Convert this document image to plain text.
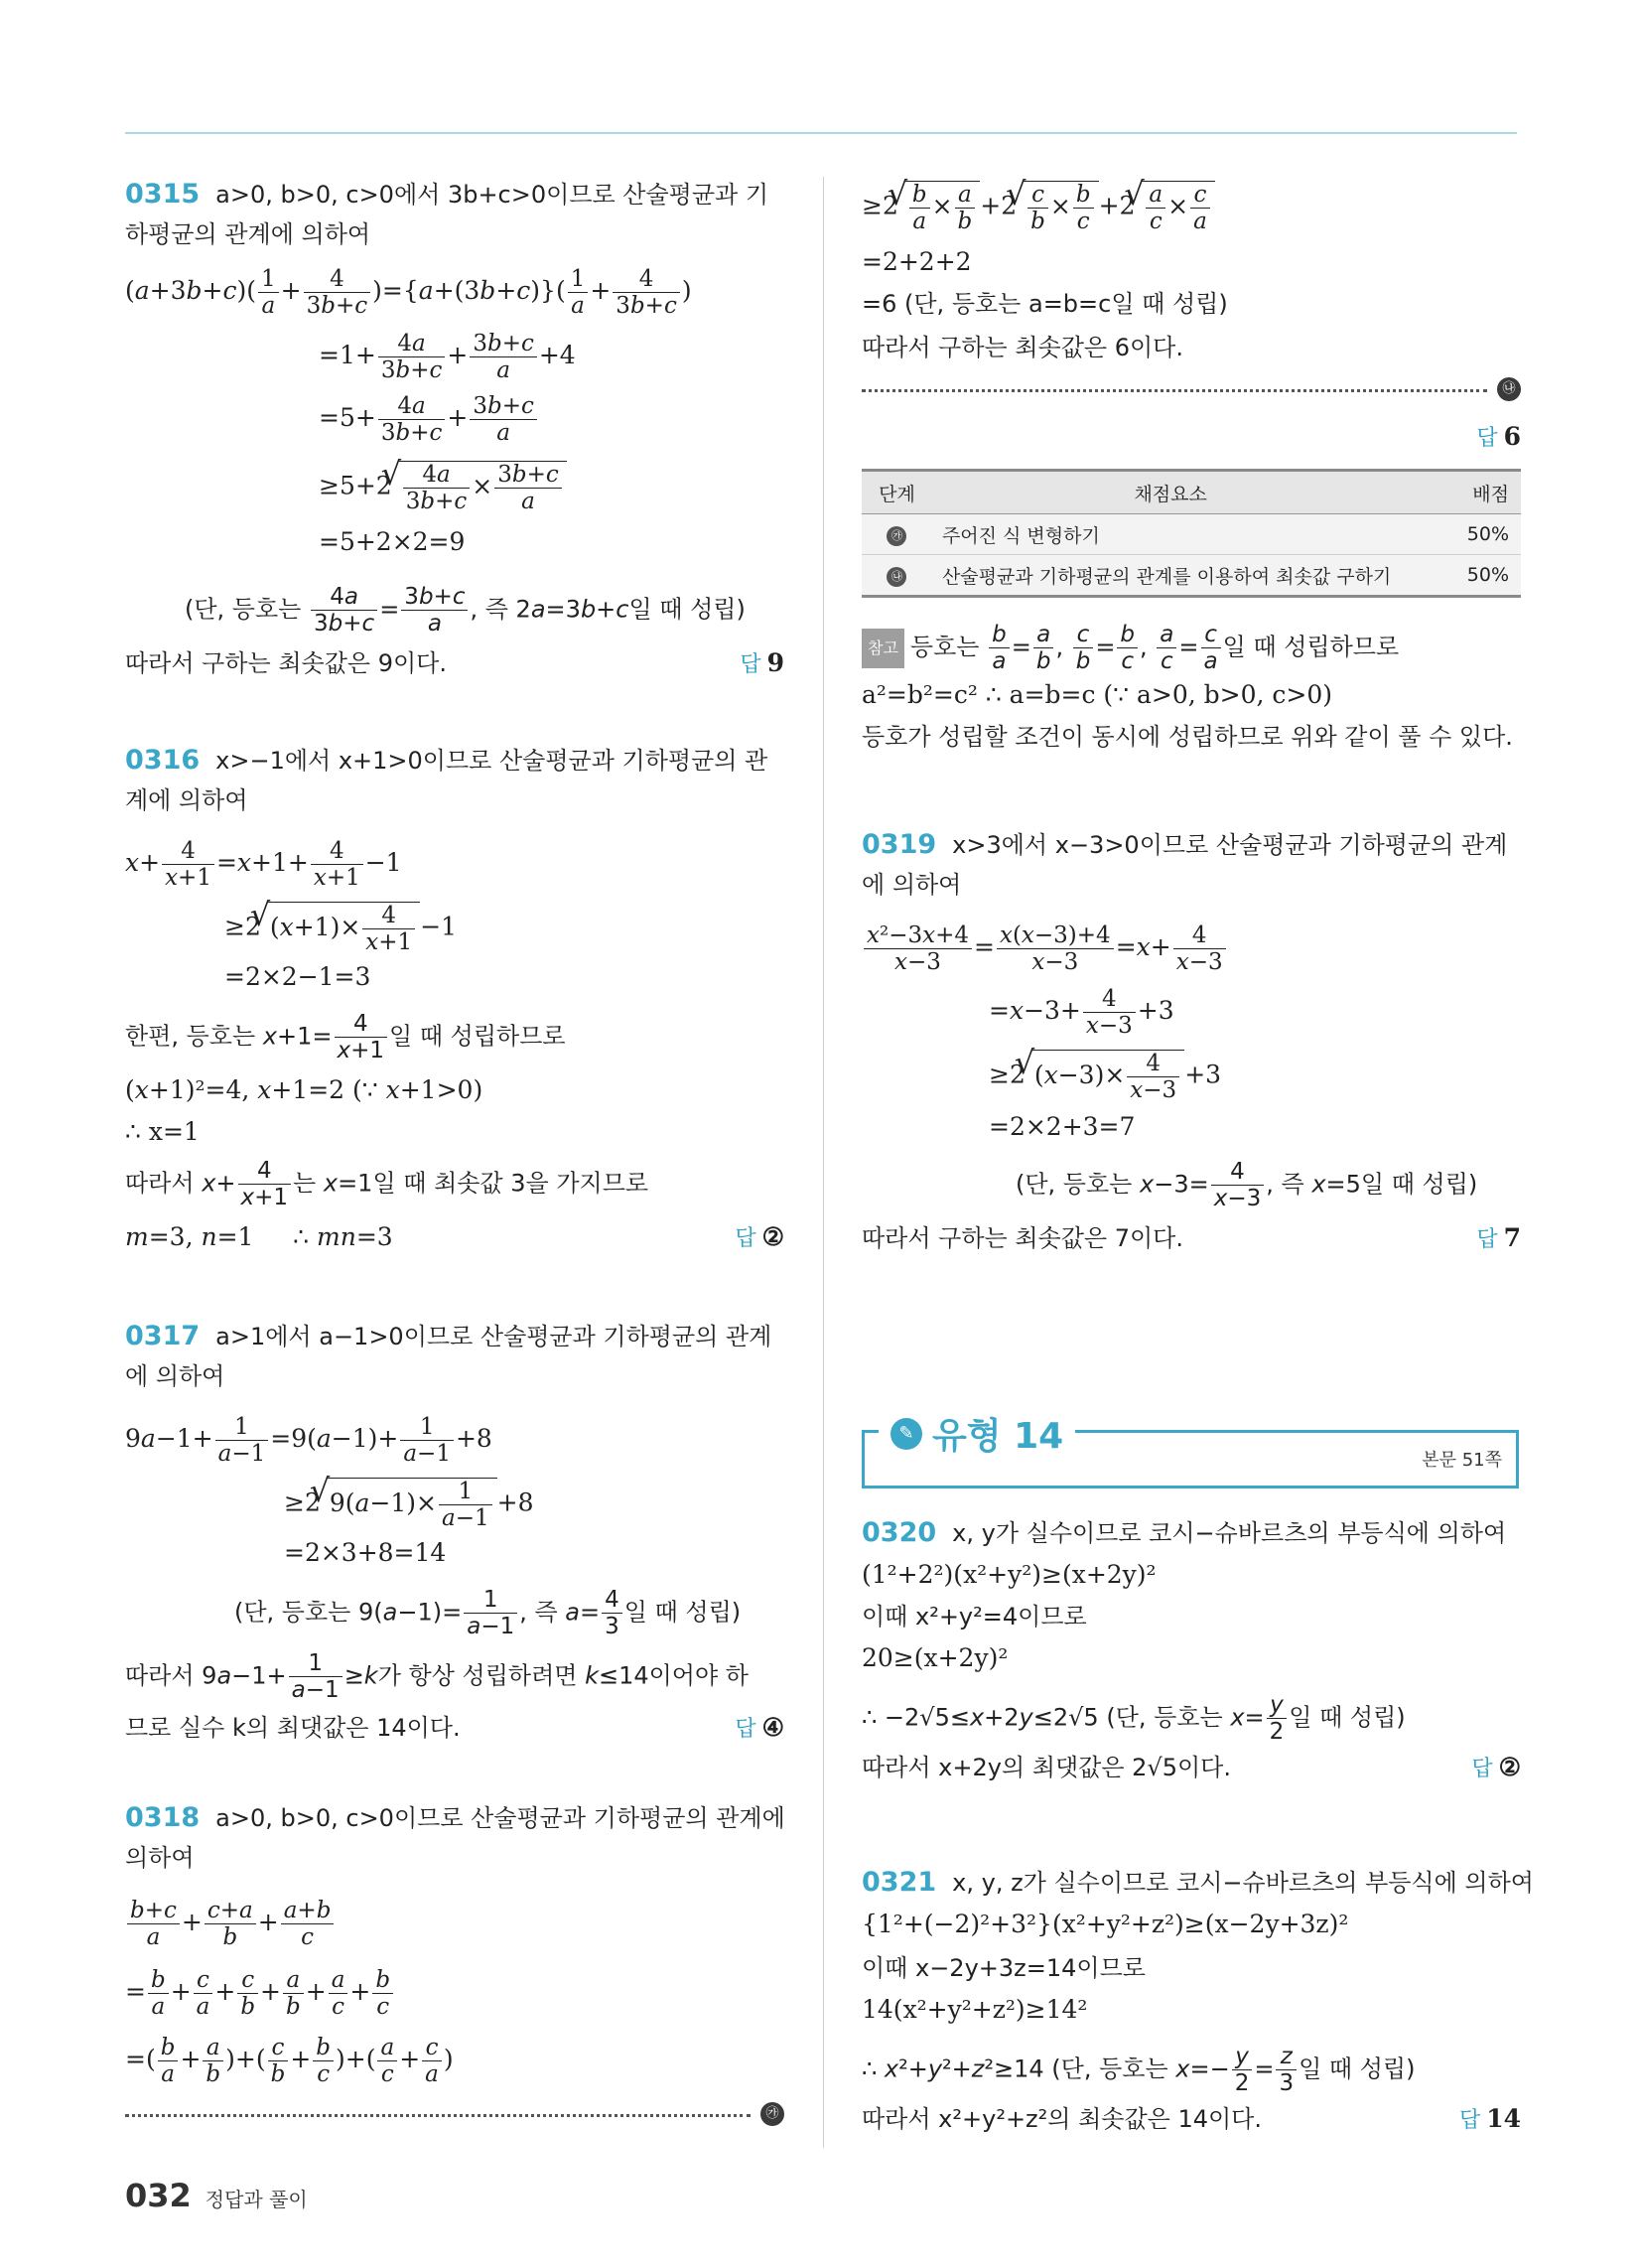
0315 a>0, b>0, c>0에서 3b+c>0이므로 산술평균과 기
하평균의 관계에 의하여
$(a+3b+c)( \frac{1}{a} + \frac{4}{3b+c} )=\{a+(3b+c)\}( \frac{1}{a} + \frac{4}{3b+c}$ )
$=1+ \frac{4a}{3b+c} + \frac{3b+c}{a} +4$
$=5+ \frac{4a}{3b+c} + \frac{3b+c}{a}$
≥5+2 √ $\frac{4a}{3b+c} \times \frac{3b+c}{a}$
=5+2×2=9
(단, 등호는 $\frac{4a}{3b+c} = \frac{3b+c}{a}$ , 즉 2a=3b+c일 때 성립)
따라서 구하는 최솟값은 9이다.	답 9
0316 x>−1에서 x+1>0이므로 산술평균과 기하평균의 관
계에 의하여
$x+ \frac{4}{x+1} =x+1+ \frac{4}{x+1} -1$
≥2 √ $(x+1)\times \frac{4}{x+1} -1$
=2×2−1=3
한편, 등호는 $x+1= \frac{4}{x+1}$ 일 때 성립하므로
(x+1)²=4, x+1=2 (∵ x+1>0)
∴ x=1
따라서 $x+ \frac{4}{x+1}$ 는 x=1일 때 최솟값 3을 가지므로
m=3, n=1     ∴ mn=3	답 ②
0317 a>1에서 a−1>0이므로 산술평균과 기하평균의 관계
에 의하여
$9a-1+ \frac{1}{a-1} =9(a-1)+ \frac{1}{a-1} +8$
≥2 √ $9(a-1)\times \frac{1}{a-1} +8$
=2×3+8=14
(단, 등호는 $9(a-1)= \frac{1}{a-1}$ , 즉 $a= \frac{4}{3}$ 일 때 성립)
따라서 $9a-1+ \frac{1}{a-1} \ge k$가 항상 성립하려면 k≤14이어야 하
므로 실수 k의 최댓값은 14이다.	답 ④
0318 a>0, b>0, c>0이므로 산술평균과 기하평균의 관계에
의하여
$\frac{b+c}{a} + \frac{c+a}{b} + \frac{a+b}{c}$
= $\frac{b}{a} + \frac{c}{a} + \frac{c}{b} + \frac{a}{b} + \frac{a}{c} + \frac{b}{c}$
=( $\frac{b}{a} + \frac{a}{b}$ )+( $\frac{c}{b} + \frac{b}{c}$ )+( $\frac{a}{c} + \frac{c}{a}$ )
㉮
≥2 √ $\frac{b}{a} \times \frac{a}{b} +2$ √ $\frac{c}{b} \times \frac{b}{c} +2$ √ $\frac{a}{c} \times \frac{c}{a}$
=2+2+2
=6 (단, 등호는 a=b=c일 때 성립)
따라서 구하는 최솟값은 6이다.
㉯
답 6
단계	채점요소	배점
㉮	주어진 식 변형하기	50%
㉯	산술평균과 기하평균의 관계를 이용하여 최솟값 구하기	50%
참고 등호는 $\frac{b}{a} = \frac{a}{b}$ , $\frac{c}{b} = \frac{b}{c}$ , $\frac{a}{c} = \frac{c}{a}$ 일 때 성립하므로
a²=b²=c² ∴ a=b=c (∵ a>0, b>0, c>0)
등호가 성립할 조건이 동시에 성립하므로 위와 같이 풀 수 있다.
0319 x>3에서 x−3>0이므로 산술평균과 기하평균의 관계
에 의하여
$\frac{\text{x²−3x+4}}{x-3} = \frac{x(x-3)+4}{x-3} =x+ \frac{4}{x-3}$
$=x-3+ \frac{4}{x-3} +3$
≥2 √ $(x-3)\times \frac{4}{x-3} +3$
=2×2+3=7
(단, 등호는 $x-3= \frac{4}{x-3}$ , 즉 x=5일 때 성립)
따라서 구하는 최솟값은 7이다.	답 7
✎ 유형 14
본문 51쪽
0320 x, y가 실수이므로 코시−슈바르츠의 부등식에 의하여
(1²+2²)(x²+y²)≥(x+2y)²
이때 x²+y²=4이므로
20≥(x+2y)²
∴ −2√5≤x+2y≤2√5 (단, 등호는 $x= \frac{y}{2}$ 일 때 성립)
따라서 x+2y의 최댓값은 2√5이다.	답 ②
0321 x, y, z가 실수이므로 코시−슈바르츠의 부등식에 의하여
{1²+(−2)²+3²}(x²+y²+z²)≥(x−2y+3z)²
이때 x−2y+3z=14이므로
14(x²+y²+z²)≥14²
∴ x²+y²+z²≥14 (단, 등호는 $x=- \frac{y}{2} = \frac{z}{3}$ 일 때 성립)
따라서 x²+y²+z²의 최솟값은 14이다.	답 14
032 정답과 풀이
